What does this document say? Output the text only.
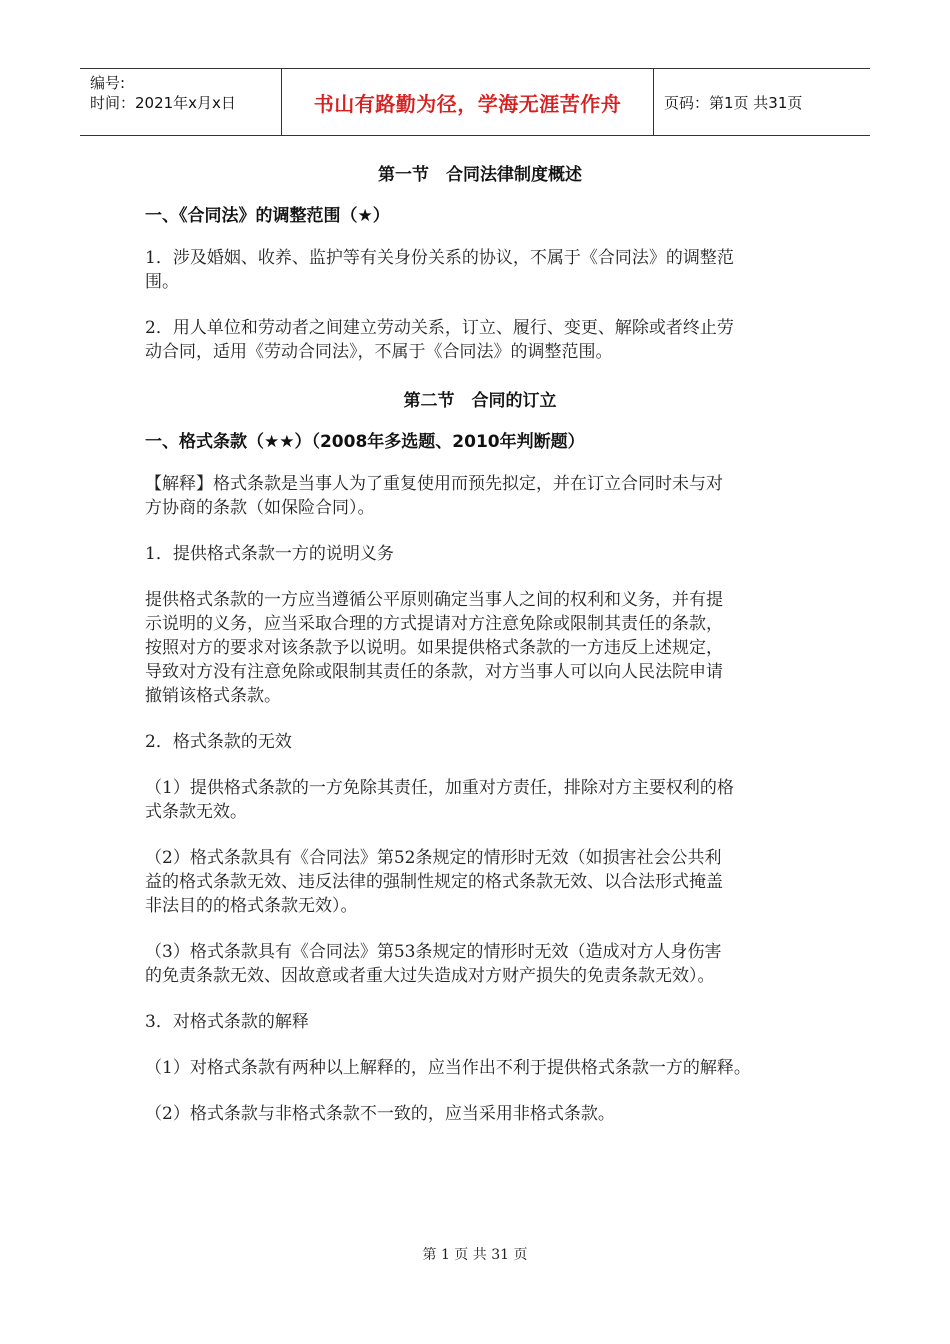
编号:
时间：2021年x月x日	书山有路勤为径，学海无涯苦作舟	页码：第1页 共31页
第一节　合同法律制度概述
一、《合同法》的调整范围（★）
1．涉及婚姻、收养、监护等有关身份关系的协议，不属于《合同法》的调整范
围。
2．用人单位和劳动者之间建立劳动关系，订立、履行、变更、解除或者终止劳
动合同，适用《劳动合同法》，不属于《合同法》的调整范围。
第二节　合同的订立
一、格式条款（★★）（2008年多选题、2010年判断题）
【解释】格式条款是当事人为了重复使用而预先拟定，并在订立合同时未与对
方协商的条款（如保险合同）。
1．提供格式条款一方的说明义务
提供格式条款的一方应当遵循公平原则确定当事人之间的权利和义务，并有提
示说明的义务，应当采取合理的方式提请对方注意免除或限制其责任的条款，
按照对方的要求对该条款予以说明。如果提供格式条款的一方违反上述规定，
导致对方没有注意免除或限制其责任的条款，对方当事人可以向人民法院申请
撤销该格式条款。
2．格式条款的无效
（1）提供格式条款的一方免除其责任，加重对方责任，排除对方主要权利的格
式条款无效。
（2）格式条款具有《合同法》第52条规定的情形时无效（如损害社会公共利
益的格式条款无效、违反法律的强制性规定的格式条款无效、以合法形式掩盖
非法目的的格式条款无效）。
（3）格式条款具有《合同法》第53条规定的情形时无效（造成对方人身伤害
的免责条款无效、因故意或者重大过失造成对方财产损失的免责条款无效）。
3．对格式条款的解释
（1）对格式条款有两种以上解释的，应当作出不利于提供格式条款一方的解释。
（2）格式条款与非格式条款不一致的，应当采用非格式条款。
第 1 页 共 31 页
